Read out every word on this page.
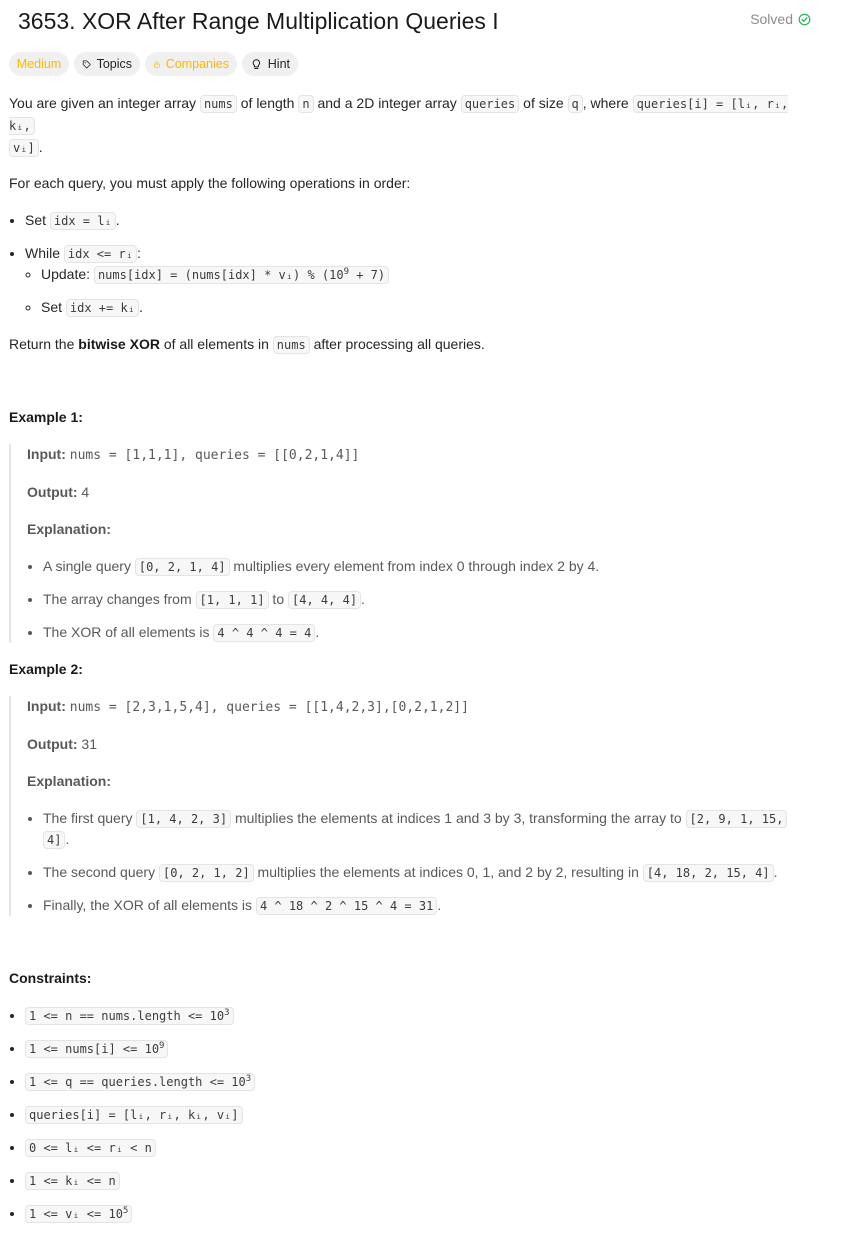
3653. XOR After Range Multiplication Queries I	Solved
Medium	Topics	Companies	Hint

You are given an integer array nums of length n and a 2D integer array queries of size q , where queries[i] = [lᵢ, rᵢ, kᵢ,
vᵢ] .

For each query, you must apply the following operations in order:

• Set idx = lᵢ .
• While idx <= rᵢ :
◦ Update: nums[idx] = (nums[idx] * vᵢ) % $(10^9 + 7)$
◦ Set idx += kᵢ .

Return the bitwise XOR of all elements in nums after processing all queries.

Example 1:

Input: nums = [1,1,1], queries = [[0,2,1,4]]

Output: 4

Explanation:

• A single query [0, 2, 1, 4] multiplies every element from index 0 through index 2 by 4.
• The array changes from [1, 1, 1] to [4, 4, 4] .
• The XOR of all elements is 4 ^ 4 ^ 4 = 4 .

Example 2:

Input: nums = [2,3,1,5,4], queries = [[1,4,2,3],[0,2,1,2]]

Output: 31

Explanation:

• The first query [1, 4, 2, 3] multiplies the elements at indices 1 and 3 by 3, transforming the array to [2, 9, 1, 15,
4] .
• The second query [0, 2, 1, 2] multiplies the elements at indices 0, 1, and 2 by 2, resulting in [4, 18, 2, 15, 4] .
• Finally, the XOR of all elements is 4 ^ 18 ^ 2 ^ 15 ^ 4 = 31 .

Constraints:

• 1 <= n == nums.length <= $10^3$
• 1 <= nums[i] <= $10^9$
• 1 <= q == queries.length <= $10^3$
• queries[i] = [lᵢ, rᵢ, kᵢ, vᵢ]
• 0 <= lᵢ <= rᵢ < n
• 1 <= kᵢ <= n
• 1 <= vᵢ <= $10^5$
